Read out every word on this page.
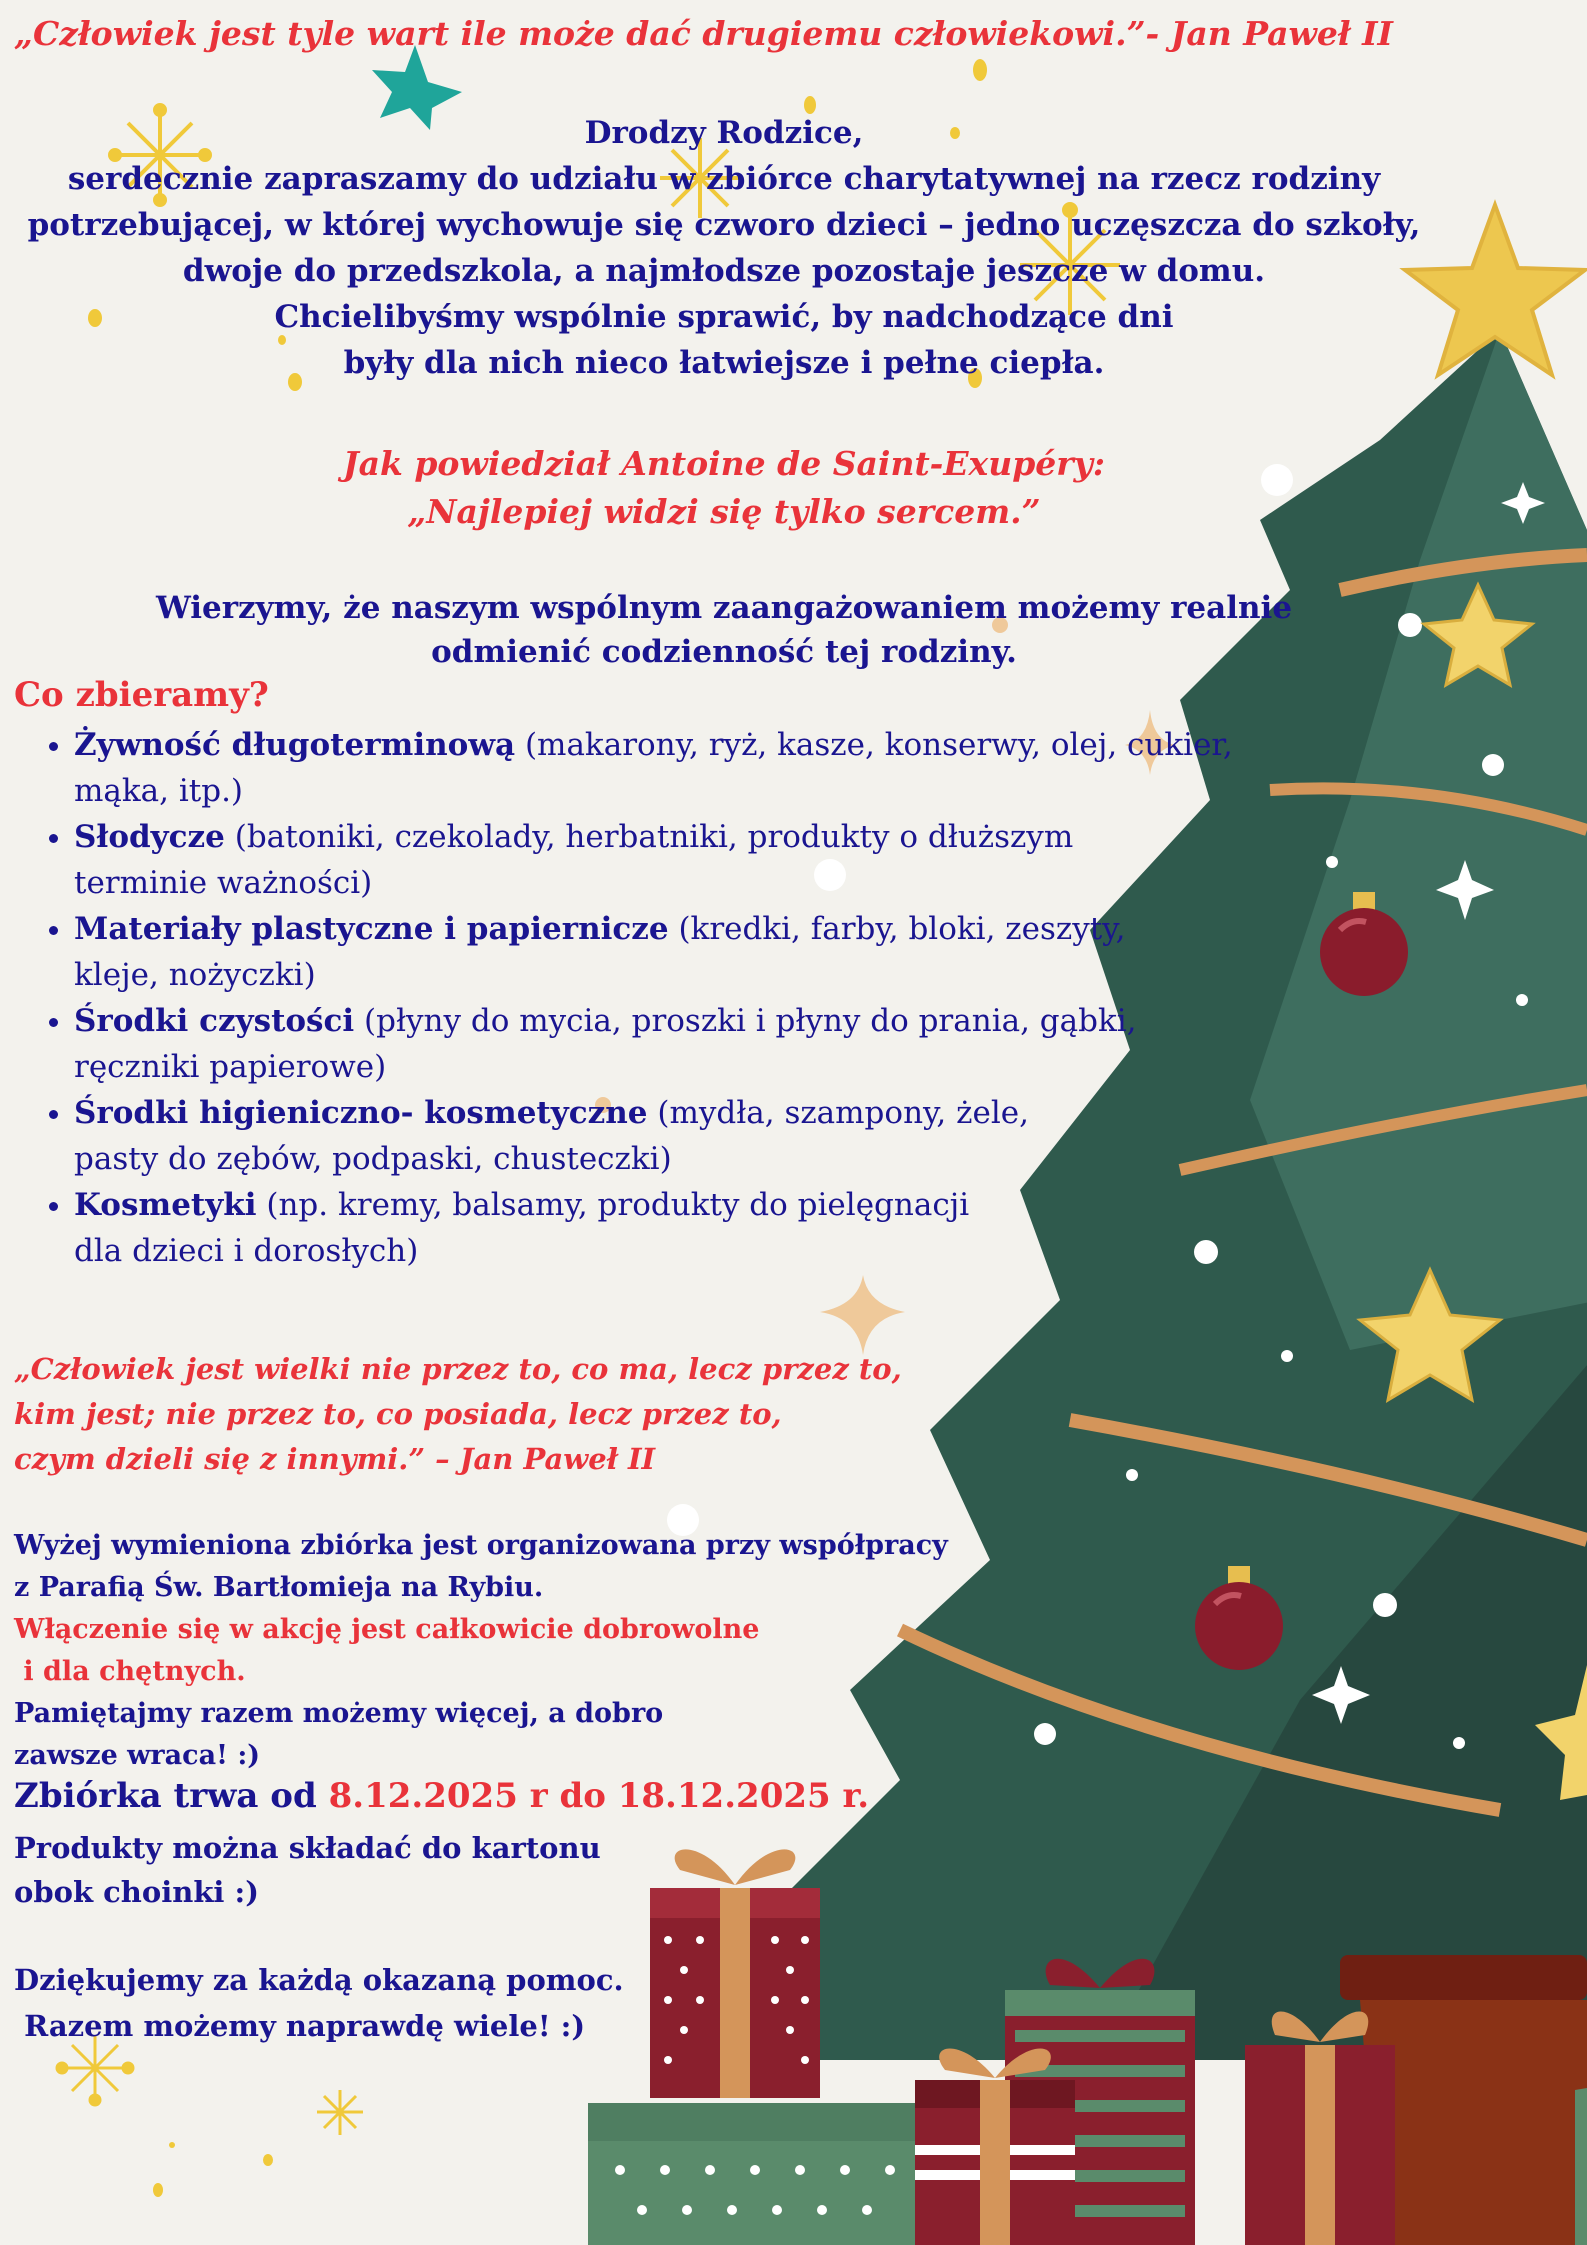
„Człowiek jest tyle wart ile może dać drugiemu człowiekowi.”- Jan Paweł II
Drodzy Rodzice,
serdecznie zapraszamy do udziału w zbiórce charytatywnej na rzecz rodziny
potrzebującej, w której wychowuje się czworo dzieci – jedno uczęszcza do szkoły,
dwoje do przedszkola, a najmłodsze pozostaje jeszcze w domu.
Chcielibyśmy wspólnie sprawić, by nadchodzące dni
były dla nich nieco łatwiejsze i pełne ciepła.
Jak powiedział Antoine de Saint-Exupéry:
„Najlepiej widzi się tylko sercem.”
Wierzymy, że naszym wspólnym zaangażowaniem możemy realnie
odmienić codzienność tej rodziny.
Co zbieramy?
• Żywność długoterminową (makarony, ryż, kasze, konserwy, olej, cukier,
mąka, itp.)
• Słodycze (batoniki, czekolady, herbatniki, produkty o dłuższym
terminie ważności)
• Materiały plastyczne i papiernicze (kredki, farby, bloki, zeszyty,
kleje, nożyczki)
• Środki czystości (płyny do mycia, proszki i płyny do prania, gąbki,
ręczniki papierowe)
• Środki higieniczno- kosmetyczne (mydła, szampony, żele,
pasty do zębów, podpaski, chusteczki)
• Kosmetyki (np. kremy, balsamy, produkty do pielęgnacji
dla dzieci i dorosłych)
„Człowiek jest wielki nie przez to, co ma, lecz przez to,
kim jest; nie przez to, co posiada, lecz przez to,
czym dzieli się z innymi.” – Jan Paweł II
Wyżej wymieniona zbiórka jest organizowana przy współpracy
z Parafią Św. Bartłomieja na Rybiu.
Włączenie się w akcję jest całkowicie dobrowolne
i dla chętnych.
Pamiętajmy razem możemy więcej, a dobro
zawsze wraca! :)
Zbiórka trwa od 8.12.2025 r do 18.12.2025 r.
Produkty można składać do kartonu
obok choinki :)
Dziękujemy za każdą okazaną pomoc.
Razem możemy naprawdę wiele! :)
